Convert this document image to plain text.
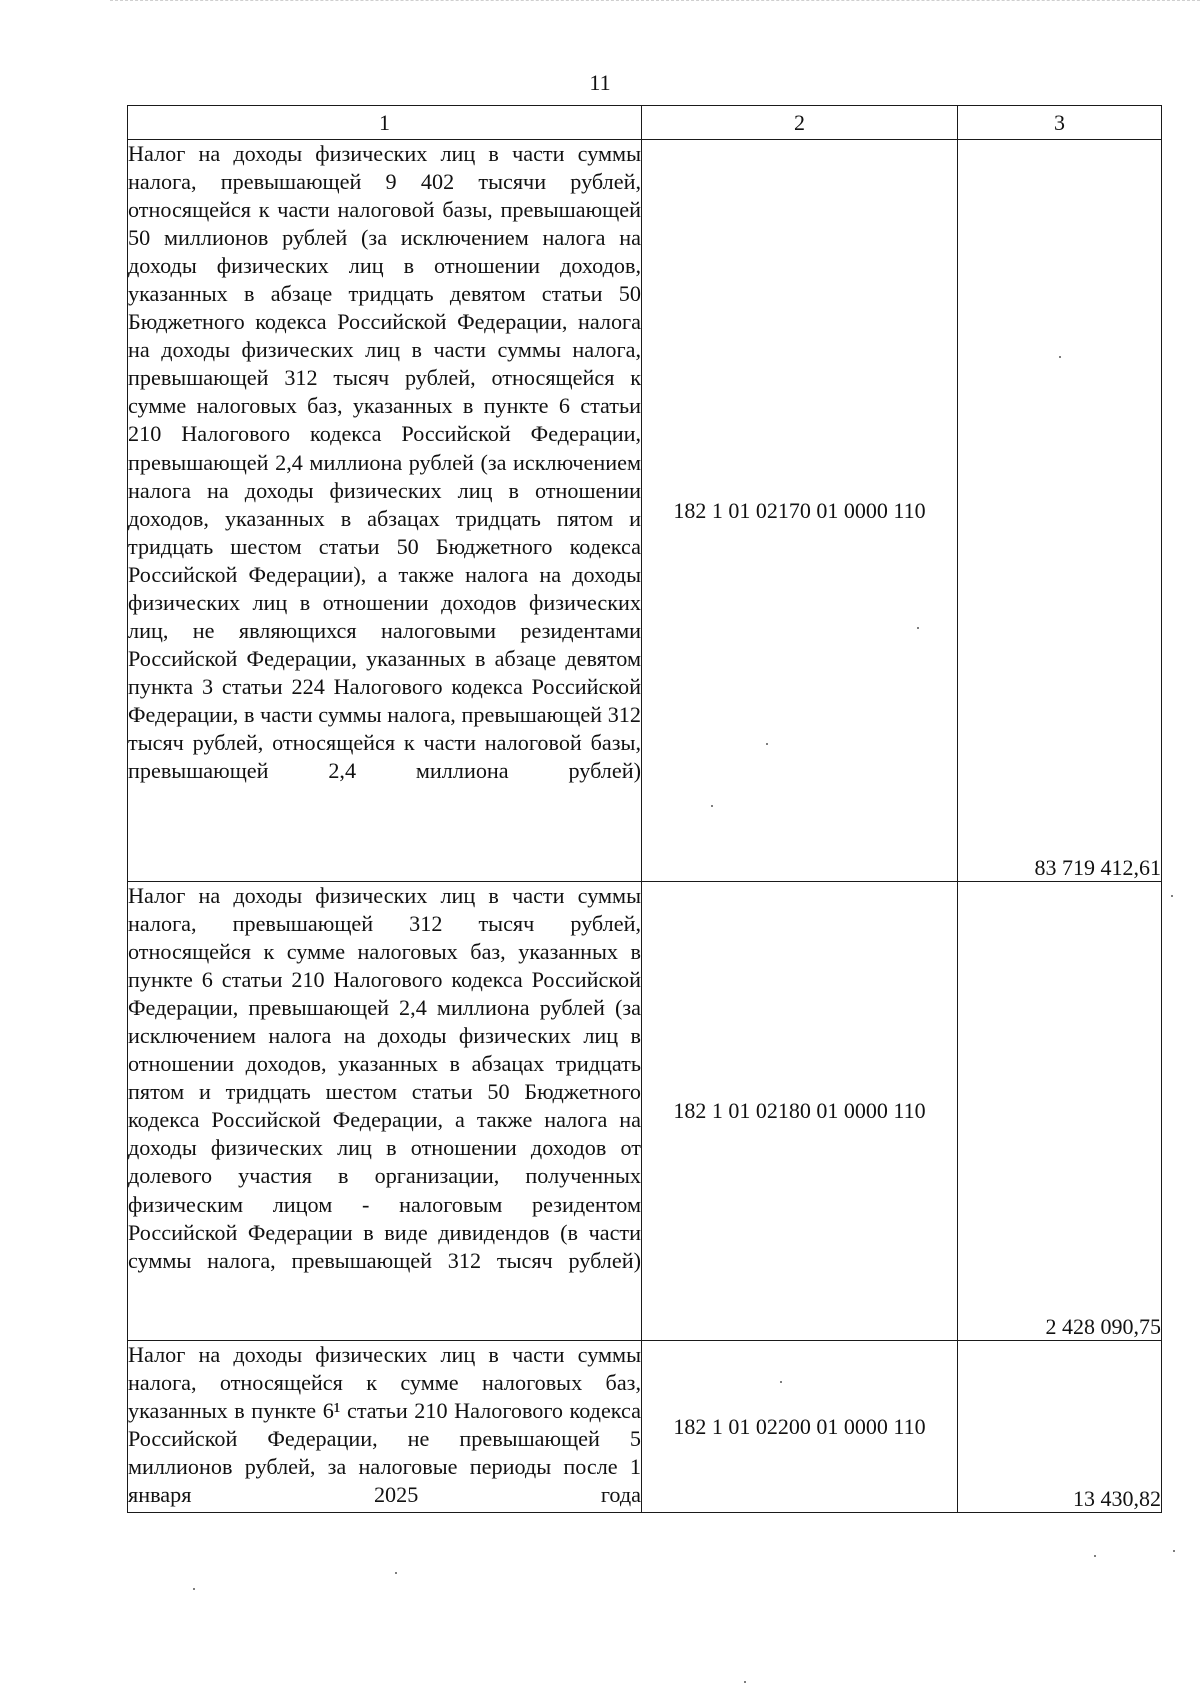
11
1	2	3
Налог на доходы физических лиц в части суммы налога, превышающей 9 402 тысячи рублей, относящейся к части налоговой базы, превышающей 50 миллионов рублей (за исключением налога на доходы физических лиц в отношении доходов, указанных в абзаце тридцать девятом статьи 50 Бюджетного кодекса Российской Федерации, налога на доходы физических лиц в части суммы налога, превышающей 312 тысяч рублей, относящейся к сумме налоговых баз, указанных в пункте 6 статьи 210 Налогового кодекса Российской Федерации, превышающей 2,4 миллиона рублей (за исключением налога на доходы физических лиц в отношении доходов, указанных в абзацах тридцать пятом и тридцать шестом статьи 50 Бюджетного кодекса Российской Федерации), а также налога на доходы физических лиц в отношении доходов физических лиц, не являющихся налоговыми резидентами Российской Федерации, указанных в абзаце девятом пункта 3 статьи 224 Налогового кодекса Российской Федерации, в части суммы налога, превышающей 312 тысяч рублей, относящейся к части налоговой базы, превышающей 2,4 миллиона рублей)	182 1 01 02170 01 0000 110	83 719 412,61
Налог на доходы физических лиц в части суммы налога, превышающей 312 тысяч рублей, относящейся к сумме налоговых баз, указанных в пункте 6 статьи 210 Налогового кодекса Российской Федерации, превышающей 2,4 миллиона рублей (за исключением налога на доходы физических лиц в отношении доходов, указанных в абзацах тридцать пятом и тридцать шестом статьи 50 Бюджетного кодекса Российской Федерации, а также налога на доходы физических лиц в отношении доходов от долевого участия в организации, полученных физическим лицом - налоговым резидентом Российской Федерации в виде дивидендов (в части суммы налога, превышающей 312 тысяч рублей)	182 1 01 02180 01 0000 110	2 428 090,75
Налог на доходы физических лиц в части суммы налога, относящейся к сумме налоговых баз, указанных в пункте 6¹ статьи 210 Налогового кодекса Российской Федерации, не превышающей 5 миллионов рублей, за налоговые периоды после 1 января 2025 года	182 1 01 02200 01 0000 110	13 430,82
